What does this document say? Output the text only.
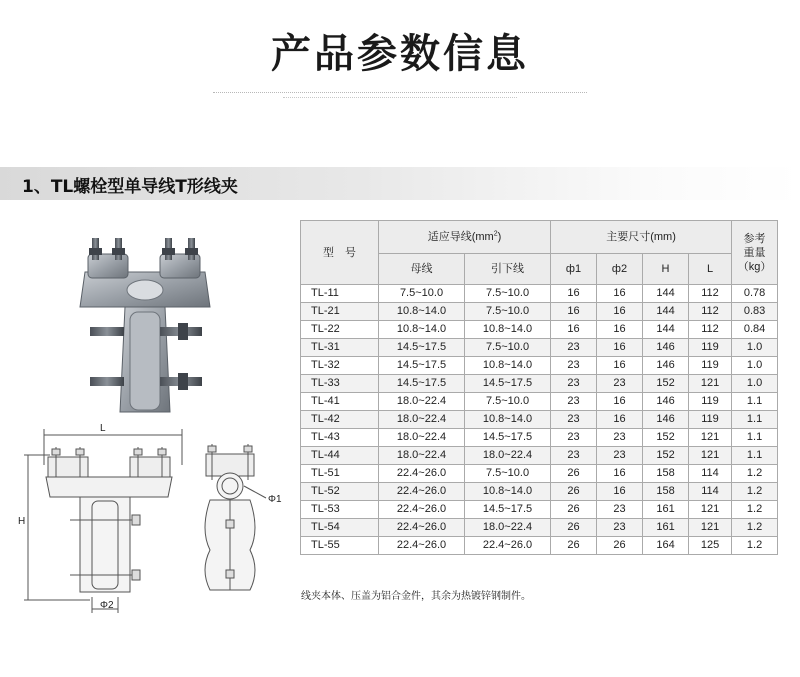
产品参数信息
1、TL螺栓型单导线T形线夹
L
H
Φ2
Φ1
型　号	适应导线$(mm^2)$		主要尺寸(mm)				参考
重量
（kg）

	母线	引下线	ф1	ф2	H	L	
TL-11	7.5~10.0	7.5~10.0	16	16	144	112	0.78
TL-21	10.8~14.0	7.5~10.0	16	16	144	112	0.83
TL-22	10.8~14.0	10.8~14.0	16	16	144	112	0.84
TL-31	14.5~17.5	7.5~10.0	23	16	146	119	1.0
TL-32	14.5~17.5	10.8~14.0	23	16	146	119	1.0
TL-33	14.5~17.5	14.5~17.5	23	23	152	121	1.0
TL-41	18.0~22.4	7.5~10.0	23	16	146	119	1.1
TL-42	18.0~22.4	10.8~14.0	23	16	146	119	1.1
TL-43	18.0~22.4	14.5~17.5	23	23	152	121	1.1
TL-44	18.0~22.4	18.0~22.4	23	23	152	121	1.1
TL-51	22.4~26.0	7.5~10.0	26	16	158	114	1.2
TL-52	22.4~26.0	10.8~14.0	26	16	158	114	1.2
TL-53	22.4~26.0	14.5~17.5	26	23	161	121	1.2
TL-54	22.4~26.0	18.0~22.4	26	23	161	121	1.2
TL-55	22.4~26.0	22.4~26.0	26	26	164	125	1.2
线夹本体、压盖为铝合金件，其余为热镀锌钢制件。
